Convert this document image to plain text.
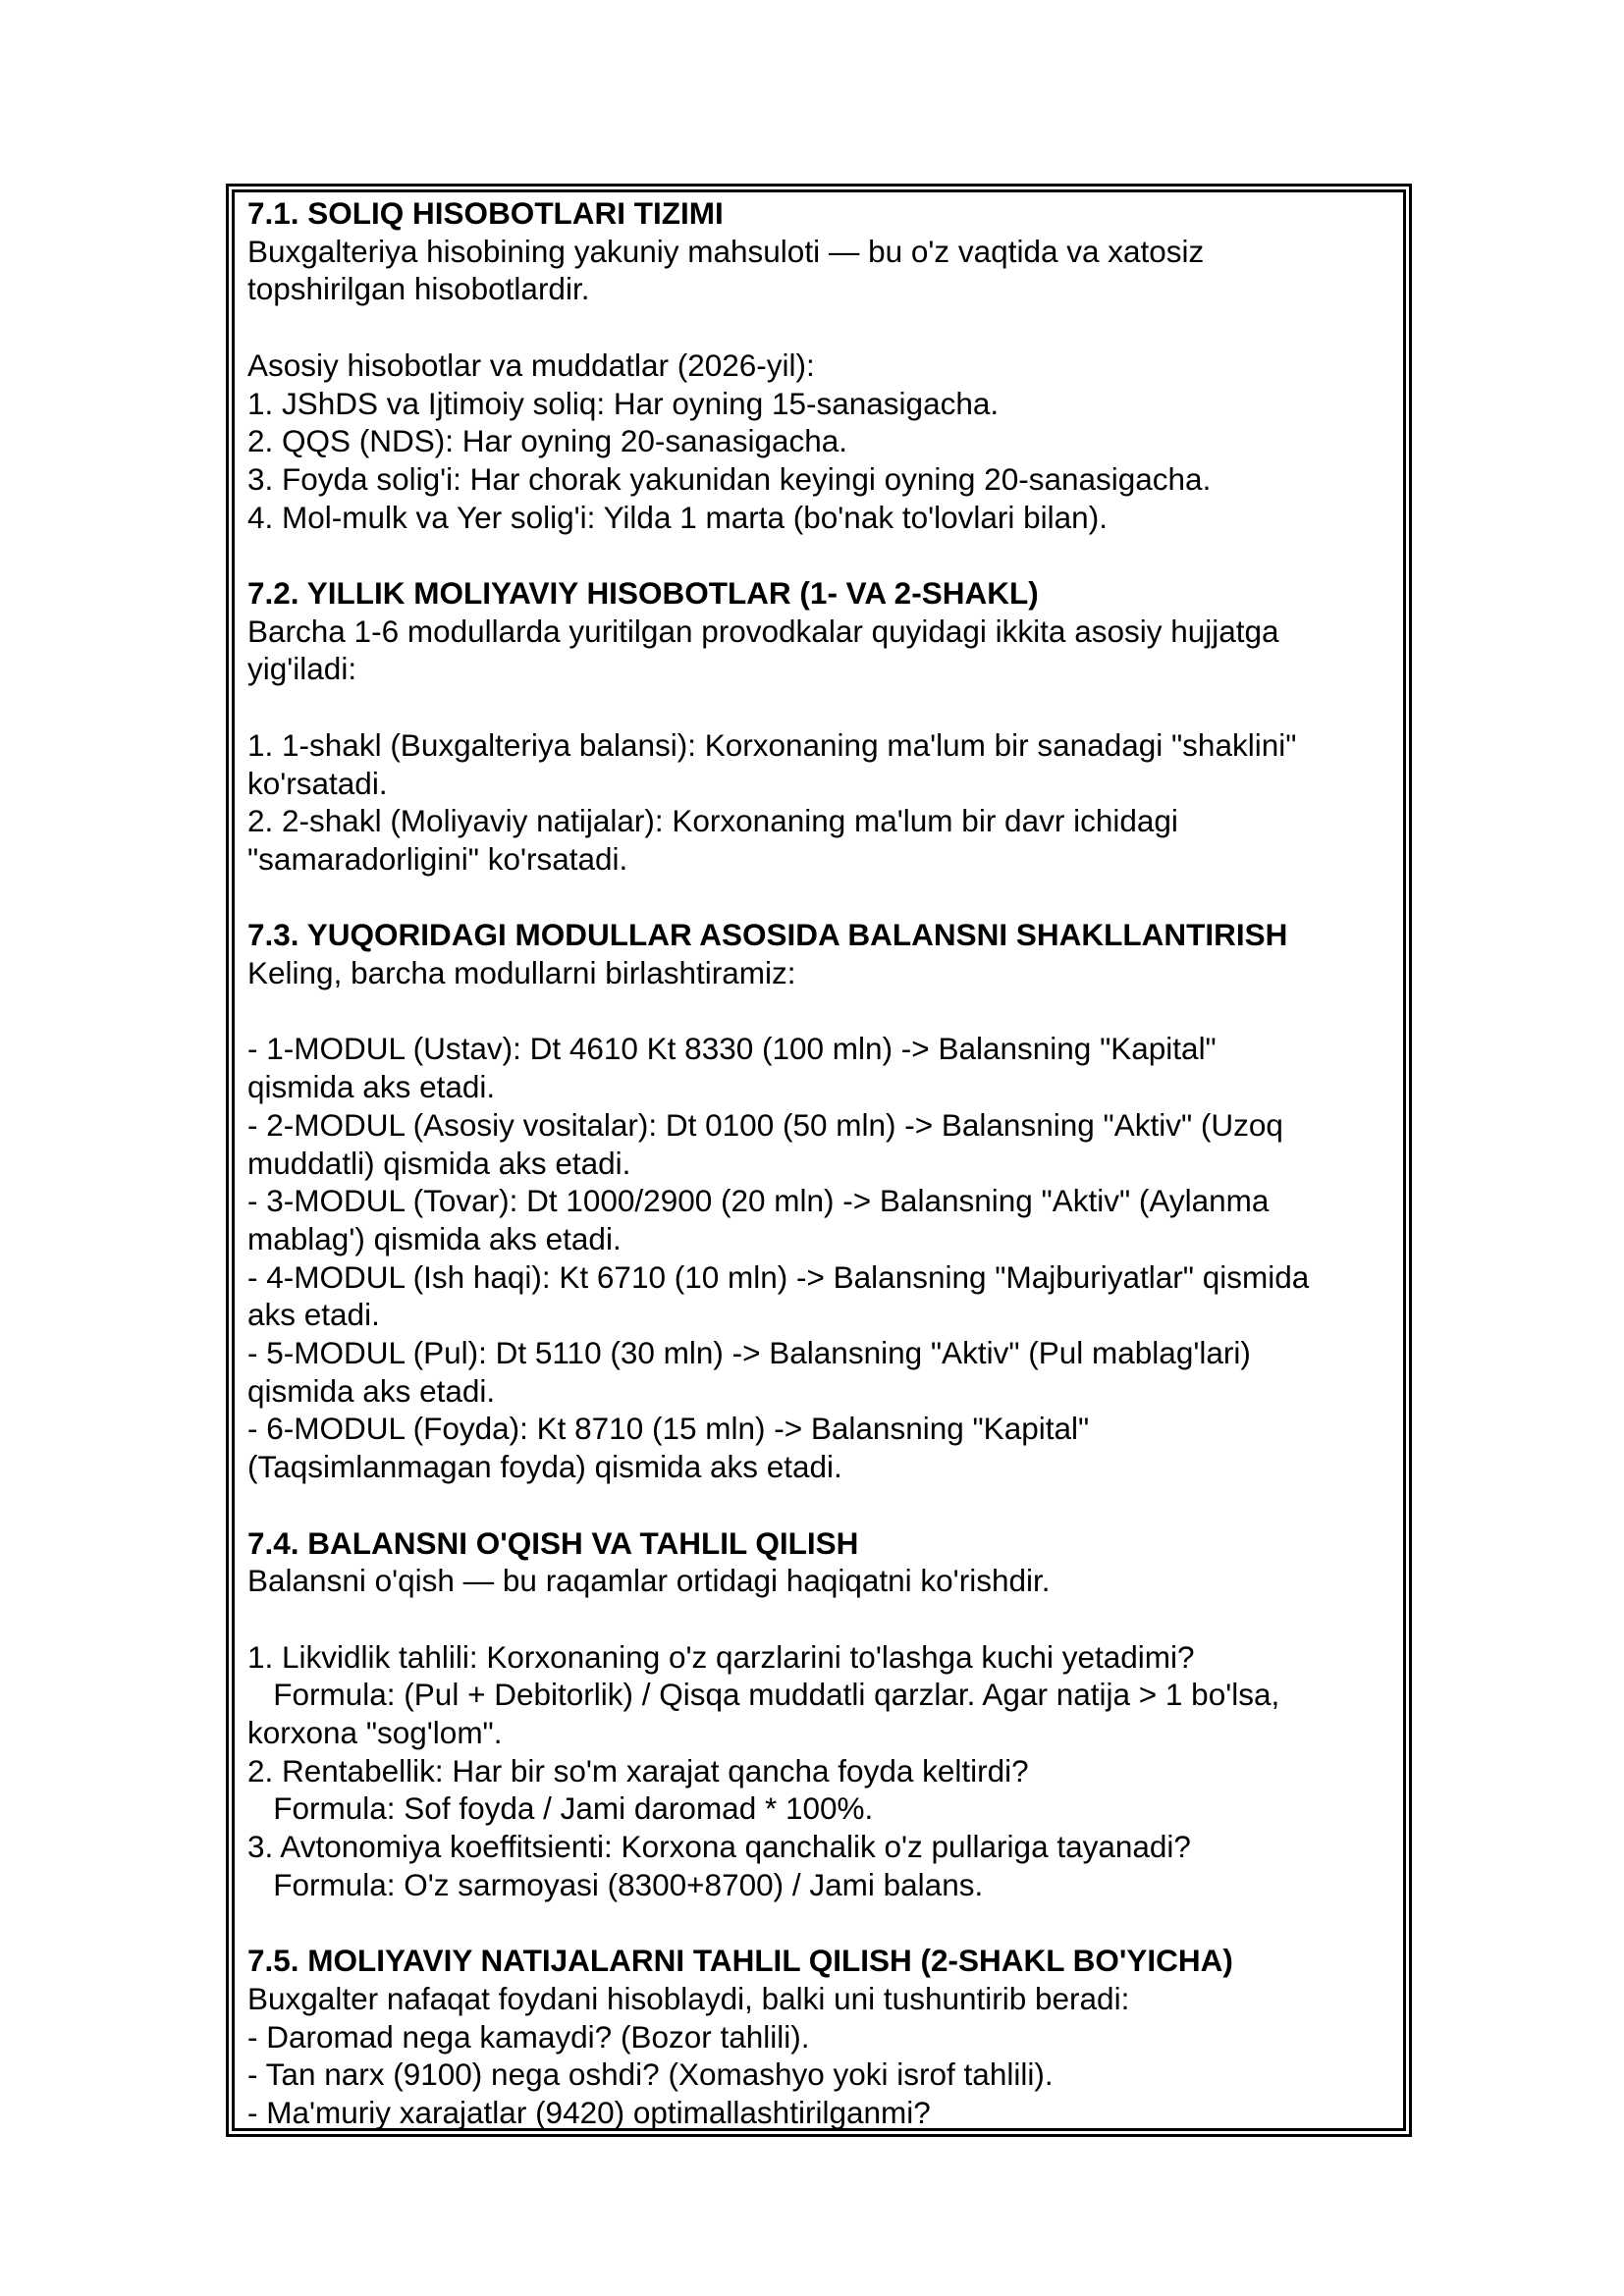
7.1. SOLIQ HISOBOTLARI TIZIMI

Buxgalteriya hisobining yakuniy mahsuloti — bu o'z vaqtida va xatosiz
topshirilgan hisobotlardir.

Asosiy hisobotlar va muddatlar (2026-yil):
1. JShDS va Ijtimoiy soliq: Har oyning 15-sanasigacha.
2. QQS (NDS): Har oyning 20-sanasigacha.
3. Foyda solig'i: Har chorak yakunidan keyingi oyning 20-sanasigacha.
4. Mol-mulk va Yer solig'i: Yilda 1 marta (bo'nak to'lovlari bilan).

7.2. YILLIK MOLIYAVIY HISOBOTLAR (1- VA 2-SHAKL)

Barcha 1-6 modullarda yuritilgan provodkalar quyidagi ikkita asosiy hujjatga
yig'iladi:

1. 1-shakl (Buxgalteriya balansi): Korxonaning ma'lum bir sanadagi "shaklini"
ko'rsatadi.
2. 2-shakl (Moliyaviy natijalar): Korxonaning ma'lum bir davr ichidagi
"samaradorligini" ko'rsatadi.

7.3. YUQORIDAGI MODULLAR ASOSIDA BALANSNI SHAKLLANTIRISH

Keling, barcha modullarni birlashtiramiz:

- 1-MODUL (Ustav): Dt 4610 Kt 8330 (100 mln) -> Balansning "Kapital"
qismida aks etadi.
- 2-MODUL (Asosiy vositalar): Dt 0100 (50 mln) -> Balansning "Aktiv" (Uzoq
muddatli) qismida aks etadi.
- 3-MODUL (Tovar): Dt 1000/2900 (20 mln) -> Balansning "Aktiv" (Aylanma
mablag') qismida aks etadi.
- 4-MODUL (Ish haqi): Kt 6710 (10 mln) -> Balansning "Majburiyatlar" qismida
aks etadi.
- 5-MODUL (Pul): Dt 5110 (30 mln) -> Balansning "Aktiv" (Pul mablag'lari)
qismida aks etadi.
- 6-MODUL (Foyda): Kt 8710 (15 mln) -> Balansning "Kapital"
(Taqsimlanmagan foyda) qismida aks etadi.

7.4. BALANSNI O'QISH VA TAHLIL QILISH

Balansni o'qish — bu raqamlar ortidagi haqiqatni ko'rishdir.

1. Likvidlik tahlili: Korxonaning o'z qarzlarini to'lashga kuchi yetadimi?
Formula: (Pul + Debitorlik) / Qisqa muddatli qarzlar. Agar natija > 1 bo'lsa,
korxona "sog'lom".
2. Rentabellik: Har bir so'm xarajat qancha foyda keltirdi?
Formula: Sof foyda / Jami daromad * 100%.
3. Avtonomiya koeffitsienti: Korxona qanchalik o'z pullariga tayanadi?
Formula: O'z sarmoyasi (8300+8700) / Jami balans.

7.5. MOLIYAVIY NATIJALARNI TAHLIL QILISH (2-SHAKL BO'YICHA)

Buxgalter nafaqat foydani hisoblaydi, balki uni tushuntirib beradi:
- Daromad nega kamaydi? (Bozor tahlili).
- Tan narx (9100) nega oshdi? (Xomashyo yoki isrof tahlili).
- Ma'muriy xarajatlar (9420) optimallashtirilganmi?
